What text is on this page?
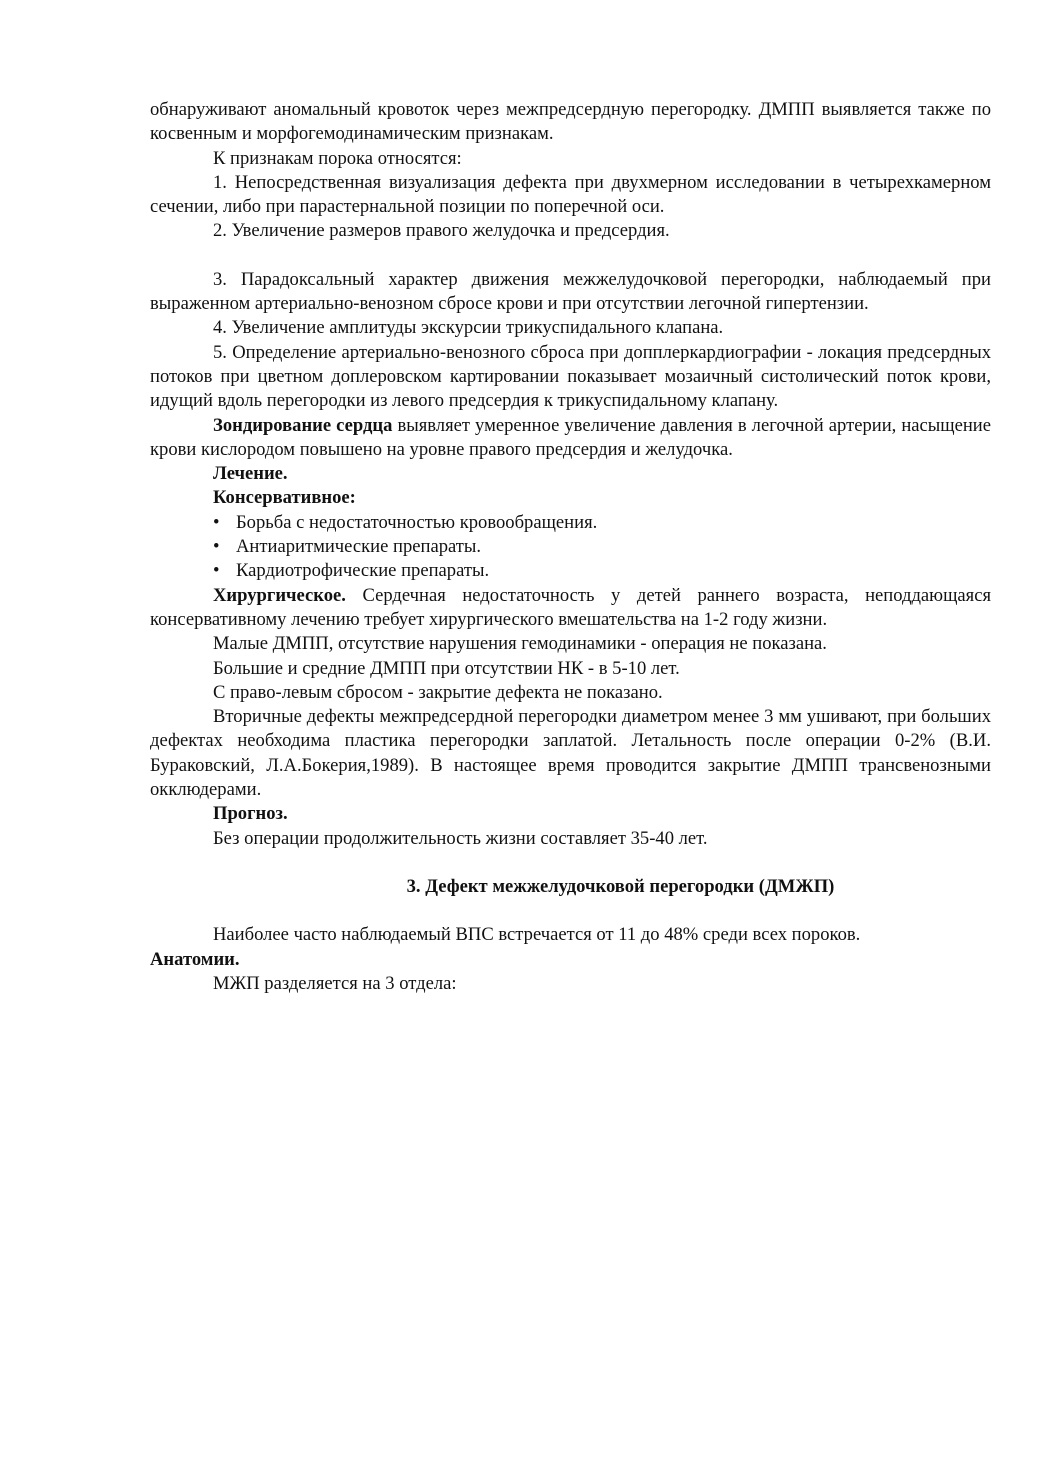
обнаруживают аномальный кровоток через межпредсердную перегородку. ДМПП выявляется также по косвенным и морфогемодинамическим признакам.

К признакам порока относятся:

1. Непосредственная визуализация дефекта при двухмерном исследовании в четырехкамерном сечении, либо при парастернальной позиции по поперечной оси.

2. Увеличение размеров правого желудочка и предсердия.

3. Парадоксальный характер движения межжелудочковой перегородки, наблюдаемый при выраженном артериально-венозном сбросе крови и при отсутствии легочной гипертензии.

4. Увеличение амплитуды экскурсии трикуспидального клапана.

5. Определение артериально-венозного сброса при допплеркардиографии - локация предсердных потоков при цветном доплеровском картировании показывает мозаичный систолический поток крови, идущий вдоль перегородки из левого предсердия к трикуспидальному клапану.

Зондирование сердца выявляет умеренное увеличение давления в легочной артерии, насыщение крови кислородом повышено на уровне правого предсердия и желудочка.

Лечение.

Консервативное:

• Борьба с недостаточностью кровообращения.
• Антиаритмические препараты.
• Кардиотрофические препараты.

Хирургическое. Сердечная недостаточность у детей раннего возраста, неподдающаяся консервативному лечению требует хирургического вмешательства на 1-2 году жизни.

Малые ДМПП, отсутствие нарушения гемодинамики - операция не показана.

Большие и средние ДМПП при отсутствии НК - в 5-10 лет.

С право-левым сбросом - закрытие дефекта не показано.

Вторичные дефекты межпредсердной перегородки диаметром менее 3 мм ушивают, при больших дефектах необходима пластика перегородки заплатой. Летальность после операции 0-2% (В.И. Бураковский, Л.А.Бокерия,1989). В настоящее время проводится закрытие ДМПП трансвенозными окклюдерами.

Прогноз.

Без операции продолжительность жизни составляет 35-40 лет.

3. Дефект межжелудочковой перегородки (ДМЖП)

Наиболее часто наблюдаемый ВПС встречается от 11 до 48% среди всех пороков.

Анатомии.

МЖП разделяется на 3 отдела:
